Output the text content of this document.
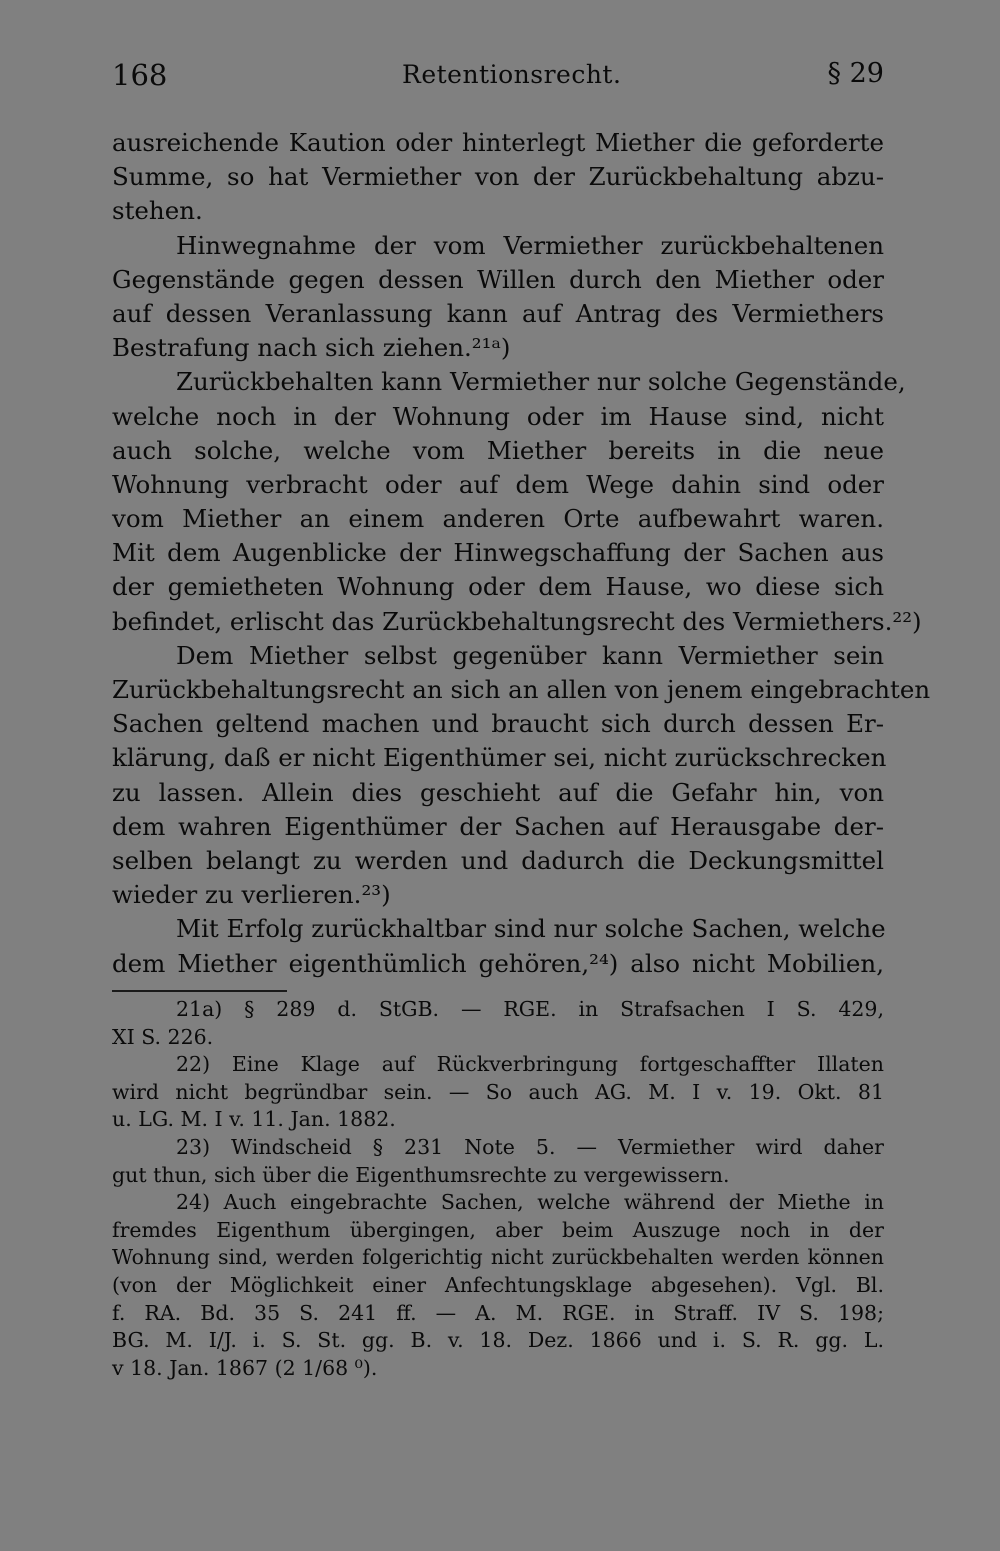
168	Retentionsrecht.	§ 29
ausreichende Kaution oder hinterlegt Miether die geforderte
Summe, so hat Vermiether von der Zurückbehaltung abzu-
stehen.
Hinwegnahme der vom Vermiether zurückbehaltenen
Gegenstände gegen dessen Willen durch den Miether oder
auf dessen Veranlassung kann auf Antrag des Vermiethers
Bestrafung nach sich ziehen.²¹ᵃ)
Zurückbehalten kann Vermiether nur solche Gegenstände,
welche noch in der Wohnung oder im Hause sind, nicht
auch solche, welche vom Miether bereits in die neue
Wohnung verbracht oder auf dem Wege dahin sind oder
vom Miether an einem anderen Orte aufbewahrt waren.
Mit dem Augenblicke der Hinwegschaffung der Sachen aus
der gemietheten Wohnung oder dem Hause, wo diese sich
befindet, erlischt das Zurückbehaltungsrecht des Vermiethers.²²)
Dem Miether selbst gegenüber kann Vermiether sein
Zurückbehaltungsrecht an sich an allen von jenem eingebrachten
Sachen geltend machen und braucht sich durch dessen Er-
klärung, daß er nicht Eigenthümer sei, nicht zurückschrecken
zu lassen. Allein dies geschieht auf die Gefahr hin, von
dem wahren Eigenthümer der Sachen auf Herausgabe der-
selben belangt zu werden und dadurch die Deckungsmittel
wieder zu verlieren.²³)
Mit Erfolg zurückhaltbar sind nur solche Sachen, welche
dem Miether eigenthümlich gehören,²⁴) also nicht Mobilien,
21a) § 289 d. StGB. — RGE. in Strafsachen I S. 429,
XI S. 226.
22) Eine Klage auf Rückverbringung fortgeschaffter Illaten
wird nicht begründbar sein. — So auch AG. M. I v. 19. Okt. 81
u. LG. M. I v. 11. Jan. 1882.
23) Windscheid § 231 Note 5. — Vermiether wird daher
gut thun, sich über die Eigenthumsrechte zu vergewissern.
24) Auch eingebrachte Sachen, welche während der Miethe in
fremdes Eigenthum übergingen, aber beim Auszuge noch in der
Wohnung sind, werden folgerichtig nicht zurückbehalten werden können
(von der Möglichkeit einer Anfechtungsklage abgesehen). Vgl. Bl.
f. RA. Bd. 35 S. 241 ff. — A. M. RGE. in Straff. IV S. 198;
BG. M. I/J. i. S. St. gg. B. v. 18. Dez. 1866 und i. S. R. gg. L.
v 18. Jan. 1867 (2 1/68 ⁰).
